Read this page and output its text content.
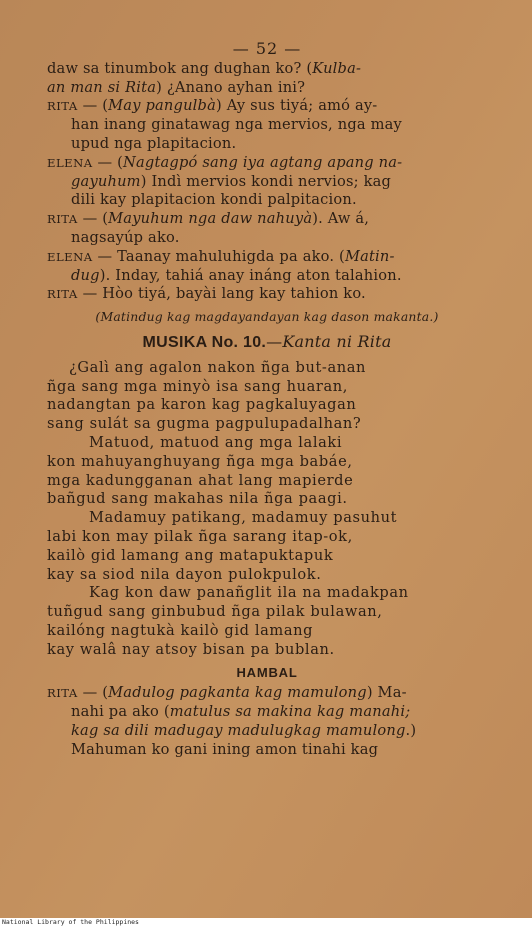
— 52 —
daw sa tinumbok ang dughan ko? (Kulba-
an man si Rita) ¿Anano ayhan ini?
RITA — (May pangulbà) Ay sus tiyá; amó ay-
han inang ginatawag nga mervios, nga may
upud nga plapitacion.
ELENA — (Nagtagpó sang iya agtang apang na-
gayuhum) Indì mervios kondi nervios; kag
dili kay plapitacion kondi palpitacion.
RITA — (Mayuhum nga daw nahuyà). Aw á,
nagsayúp ako.
ELENA — Taanay mahuluhigda pa ako. (Matin-
dug). Inday, tahiá anay ináng aton talahion.
RITA — Hòo tiyá, bayài lang kay tahion ko.
(Matindug kag magdayandayan kag dason makanta.)
MUSIKA No. 10.—Kanta ni Rita
¿Galì ang agalon nakon ñga but-anan
ñga sang mga minyò isa sang huaran,
nadangtan pa karon kag pagkaluyagan
sang sulát sa gugma pagpulupadalhan?
Matuod, matuod ang mga lalaki
kon mahuyanghuyang ñga mga babáe,
mga kadungganan ahat lang mapierde
bañgud sang makahas nila ñga paagi.
Madamuy patikang, madamuy pasuhut
labi kon may pilak ñga sarang itap-ok,
kailò gid lamang ang matapuktapuk
kay sa siod nila dayon pulokpulok.
Kag kon daw panañglit ila na madakpan
tuñgud sang ginbubud ñga pilak bulawan,
kailóng nagtukà kailò gid lamang
kay walâ nay atsoy bisan pa bublan.
HAMBAL
RITA — (Madulog pagkanta kag mamulong) Ma-
nahi pa ako (matulus sa makina kag manahi;
kag sa dili madugay madulugkag mamulong.)
Mahuman ko gani ining amon tinahi kag
National Library of the Philippines
